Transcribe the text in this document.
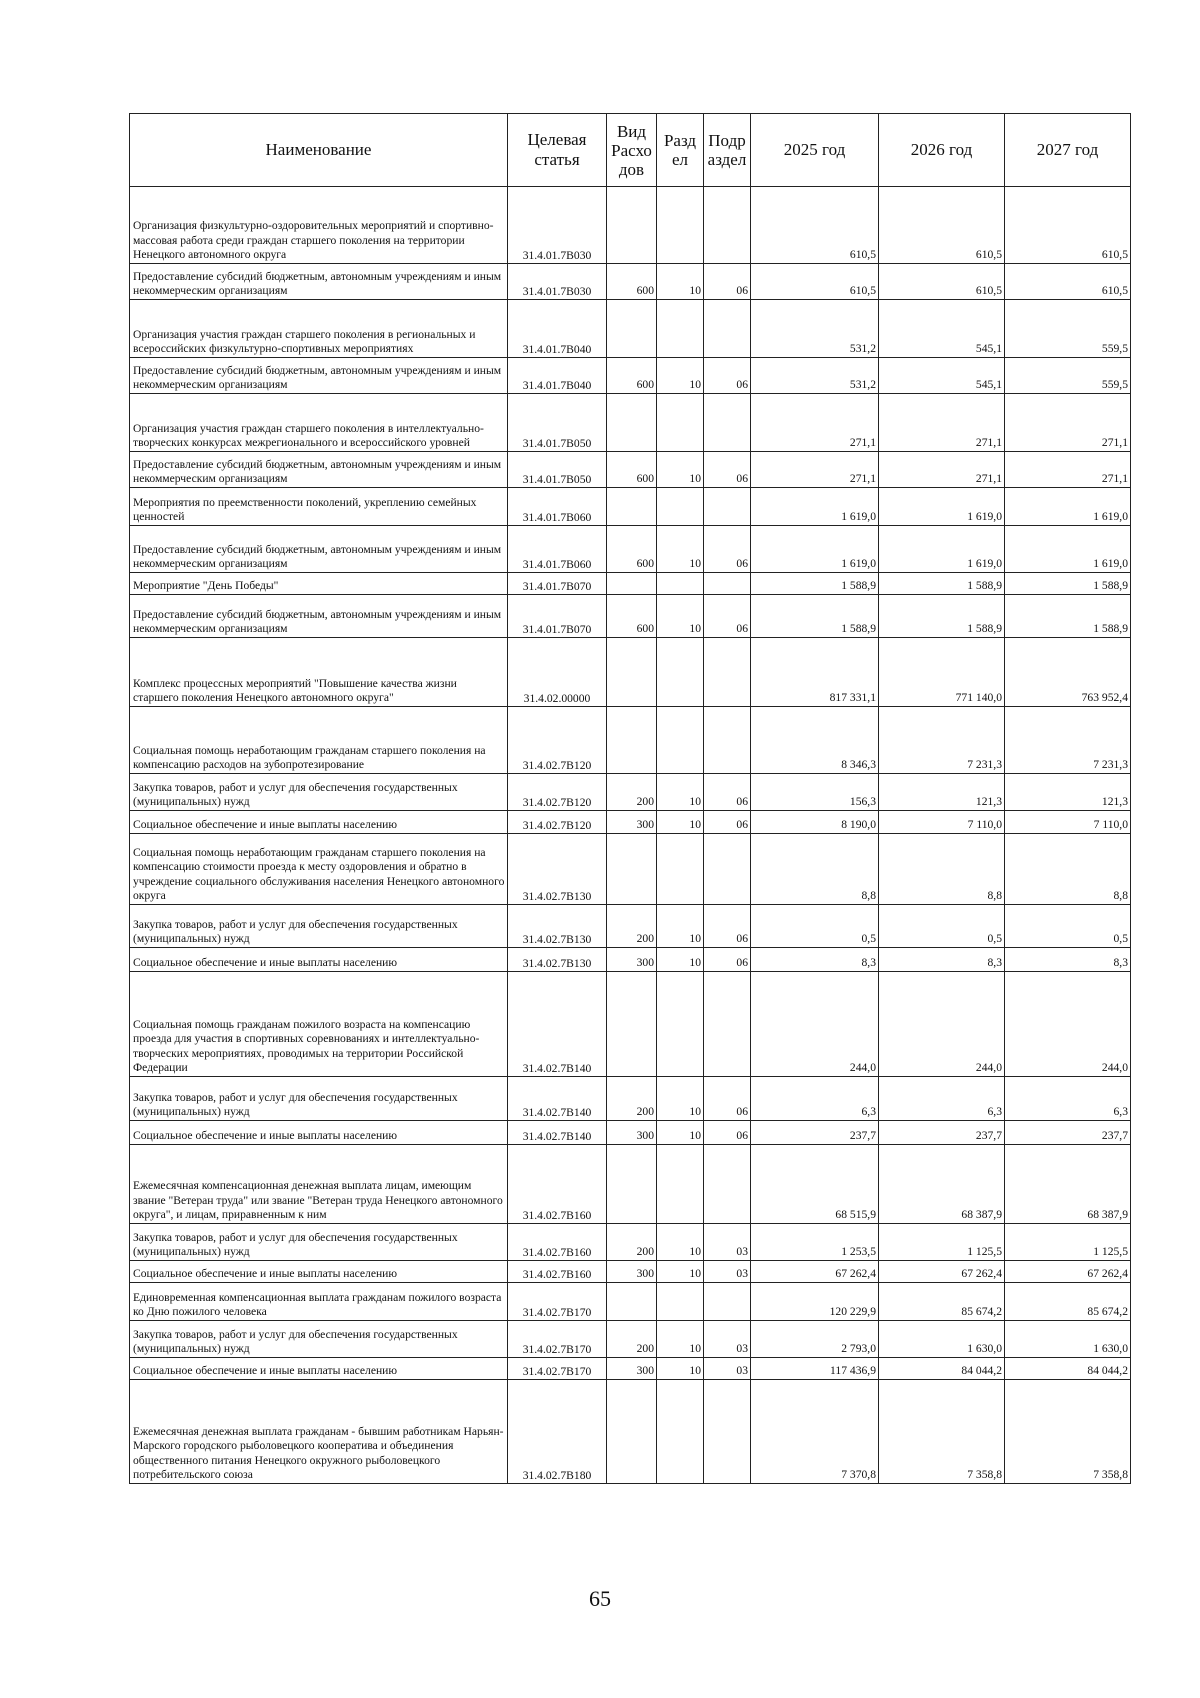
Наименование	Целевая статья	Вид Расхо дов	Разд ел	Подр аздел	2025 год	2026 год	2027 год
Организация физкультурно-оздоровительных мероприятий и спортивно-массовая работа среди граждан старшего поколения на территории Ненецкого автономного округа	31.4.01.7В030				610,5	610,5	610,5
Предоставление субсидий бюджетным, автономным учреждениям и иным некоммерческим организациям	31.4.01.7В030	600	10	06	610,5	610,5	610,5
Организация участия граждан старшего поколения в региональных и всероссийских физкультурно-спортивных мероприятиях	31.4.01.7В040				531,2	545,1	559,5
Предоставление субсидий бюджетным, автономным учреждениям и иным некоммерческим организациям	31.4.01.7В040	600	10	06	531,2	545,1	559,5
Организация участия граждан старшего поколения в интеллектуально-творческих конкурсах межрегионального и всероссийского уровней	31.4.01.7В050				271,1	271,1	271,1
Предоставление субсидий бюджетным, автономным учреждениям и иным некоммерческим организациям	31.4.01.7В050	600	10	06	271,1	271,1	271,1
Мероприятия по преемственности поколений, укреплению семейных ценностей	31.4.01.7В060				1 619,0	1 619,0	1 619,0
Предоставление субсидий бюджетным, автономным учреждениям и иным некоммерческим организациям	31.4.01.7В060	600	10	06	1 619,0	1 619,0	1 619,0
Мероприятие "День Победы"	31.4.01.7В070				1 588,9	1 588,9	1 588,9
Предоставление субсидий бюджетным, автономным учреждениям и иным некоммерческим организациям	31.4.01.7В070	600	10	06	1 588,9	1 588,9	1 588,9
Комплекс процессных мероприятий "Повышение качества жизни старшего поколения Ненецкого автономного округа"	31.4.02.00000				817 331,1	771 140,0	763 952,4
Социальная помощь неработающим гражданам старшего поколения на компенсацию расходов на зубопротезирование	31.4.02.7В120				8 346,3	7 231,3	7 231,3
Закупка товаров, работ и услуг для обеспечения государственных (муниципальных) нужд	31.4.02.7В120	200	10	06	156,3	121,3	121,3
Социальное обеспечение и иные выплаты населению	31.4.02.7В120	300	10	06	8 190,0	7 110,0	7 110,0
Социальная помощь неработающим гражданам старшего поколения на компенсацию стоимости проезда к месту оздоровления и обратно в учреждение социального обслуживания населения Ненецкого автономного округа	31.4.02.7В130				8,8	8,8	8,8
Закупка товаров, работ и услуг для обеспечения государственных (муниципальных) нужд	31.4.02.7В130	200	10	06	0,5	0,5	0,5
Социальное обеспечение и иные выплаты населению	31.4.02.7В130	300	10	06	8,3	8,3	8,3
Социальная помощь гражданам пожилого возраста на компенсацию проезда для участия в спортивных соревнованиях и интеллектуально-творческих мероприятиях, проводимых на территории Российской Федерации	31.4.02.7В140				244,0	244,0	244,0
Закупка товаров, работ и услуг для обеспечения государственных (муниципальных) нужд	31.4.02.7В140	200	10	06	6,3	6,3	6,3
Социальное обеспечение и иные выплаты населению	31.4.02.7В140	300	10	06	237,7	237,7	237,7
Ежемесячная компенсационная денежная выплата лицам, имеющим звание "Ветеран труда" или звание "Ветеран труда Ненецкого автономного округа", и лицам, приравненным к ним	31.4.02.7В160				68 515,9	68 387,9	68 387,9
Закупка товаров, работ и услуг для обеспечения государственных (муниципальных) нужд	31.4.02.7В160	200	10	03	1 253,5	1 125,5	1 125,5
Социальное обеспечение и иные выплаты населению	31.4.02.7В160	300	10	03	67 262,4	67 262,4	67 262,4
Единовременная компенсационная выплата гражданам пожилого возраста ко Дню пожилого человека	31.4.02.7В170				120 229,9	85 674,2	85 674,2
Закупка товаров, работ и услуг для обеспечения государственных (муниципальных) нужд	31.4.02.7В170	200	10	03	2 793,0	1 630,0	1 630,0
Социальное обеспечение и иные выплаты населению	31.4.02.7В170	300	10	03	117 436,9	84 044,2	84 044,2
Ежемесячная денежная выплата гражданам - бывшим работникам Нарьян-Марского городского рыболовецкого кооператива и объединения общественного питания Ненецкого окружного рыболовецкого потребительского союза	31.4.02.7В180				7 370,8	7 358,8	7 358,8
65
